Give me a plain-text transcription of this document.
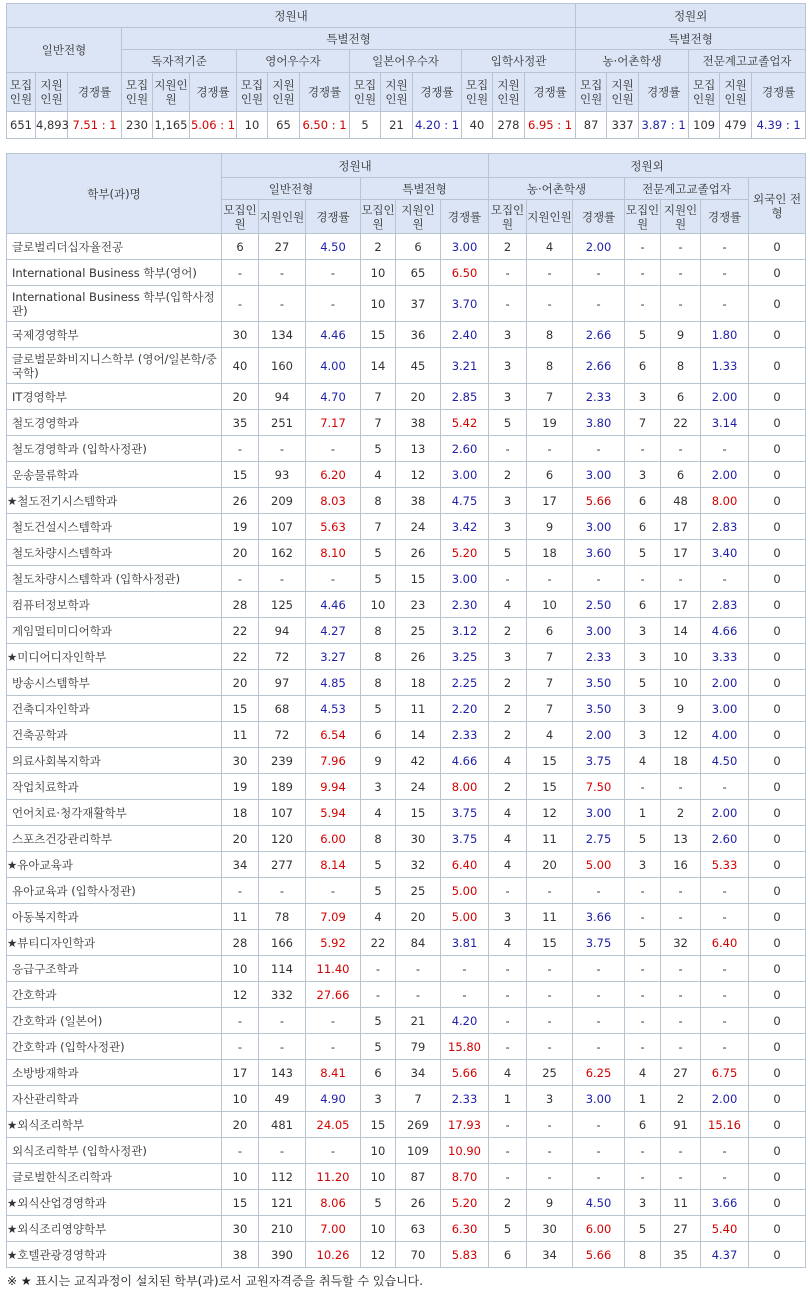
정원내															정원외					
일반전형			특별전형												특별전형					
			독자적기준			영어우수자			일본어우수자			입학사정관			농·어촌학생			전문계고교졸업자		
모집인원	지원인원	경쟁률	모집인원	지원인원	경쟁률	모집인원	지원인원	경쟁률	모집인원	지원인원	경쟁률	모집인원	지원인원	경쟁률	모집인원	지원인원	경쟁률	모집인원	지원인원	경쟁률
651	4,893	7.51 : 1	230	1,165	5.06 : 1	10	65	6.50 : 1	5	21	4.20 : 1	40	278	6.95 : 1	87	337	3.87 : 1	109	479	4.39 : 1
학부(과)명	정원내						정원외						
	일반전형			특별전형			농·어촌학생			전문계고교졸업자			외국인 전 형
	모집인원	지원인원	경쟁률	모집인원	지원인원	경쟁률	모집인원	지원인원	경쟁률	모집인원	지원인원	경쟁률	
글로벌리더십자율전공	6	27	4.50	2	6	3.00	2	4	2.00	-	-	-	0
International Business 학부(영어)	-	-	-	10	65	6.50	-	-	-	-	-	-	0
International Business 학부(입학사정관)	-	-	-	10	37	3.70	-	-	-	-	-	-	0
국제경영학부	30	134	4.46	15	36	2.40	3	8	2.66	5	9	1.80	0
글로벌문화비지니스학부 (영어/일본학/중국학)	40	160	4.00	14	45	3.21	3	8	2.66	6	8	1.33	0
IT경영학부	20	94	4.70	7	20	2.85	3	7	2.33	3	6	2.00	0
철도경영학과	35	251	7.17	7	38	5.42	5	19	3.80	7	22	3.14	0
철도경영학과 (입학사정관)	-	-	-	5	13	2.60	-	-	-	-	-	-	0
운송물류학과	15	93	6.20	4	12	3.00	2	6	3.00	3	6	2.00	0
★철도전기시스템학과	26	209	8.03	8	38	4.75	3	17	5.66	6	48	8.00	0
철도건설시스템학과	19	107	5.63	7	24	3.42	3	9	3.00	6	17	2.83	0
철도차량시스템학과	20	162	8.10	5	26	5.20	5	18	3.60	5	17	3.40	0
철도차량시스템학과 (입학사정관)	-	-	-	5	15	3.00	-	-	-	-	-	-	0
컴퓨터정보학과	28	125	4.46	10	23	2.30	4	10	2.50	6	17	2.83	0
게임멀티미디어학과	22	94	4.27	8	25	3.12	2	6	3.00	3	14	4.66	0
★미디어디자인학부	22	72	3.27	8	26	3.25	3	7	2.33	3	10	3.33	0
방송시스템학부	20	97	4.85	8	18	2.25	2	7	3.50	5	10	2.00	0
건축디자인학과	15	68	4.53	5	11	2.20	2	7	3.50	3	9	3.00	0
건축공학과	11	72	6.54	6	14	2.33	2	4	2.00	3	12	4.00	0
의료사회복지학과	30	239	7.96	9	42	4.66	4	15	3.75	4	18	4.50	0
작업치료학과	19	189	9.94	3	24	8.00	2	15	7.50	-	-	-	0
언어치료·청각재활학부	18	107	5.94	4	15	3.75	4	12	3.00	1	2	2.00	0
스포츠건강관리학부	20	120	6.00	8	30	3.75	4	11	2.75	5	13	2.60	0
★유아교육과	34	277	8.14	5	32	6.40	4	20	5.00	3	16	5.33	0
유아교육과 (입학사정관)	-	-	-	5	25	5.00	-	-	-	-	-	-	0
아동복지학과	11	78	7.09	4	20	5.00	3	11	3.66	-	-	-	0
★뷰티디자인학과	28	166	5.92	22	84	3.81	4	15	3.75	5	32	6.40	0
응급구조학과	10	114	11.40	-	-	-	-	-	-	-	-	-	0
간호학과	12	332	27.66	-	-	-	-	-	-	-	-	-	0
간호학과 (일본어)	-	-	-	5	21	4.20	-	-	-	-	-	-	0
간호학과 (입학사정관)	-	-	-	5	79	15.80	-	-	-	-	-	-	0
소방방재학과	17	143	8.41	6	34	5.66	4	25	6.25	4	27	6.75	0
자산관리학과	10	49	4.90	3	7	2.33	1	3	3.00	1	2	2.00	0
★외식조리학부	20	481	24.05	15	269	17.93	-	-	-	6	91	15.16	0
외식조리학부 (입학사정관)	-	-	-	10	109	10.90	-	-	-	-	-	-	0
글로벌한식조리학과	10	112	11.20	10	87	8.70	-	-	-	-	-	-	0
★외식산업경영학과	15	121	8.06	5	26	5.20	2	9	4.50	3	11	3.66	0
★외식조리영양학부	30	210	7.00	10	63	6.30	5	30	6.00	5	27	5.40	0
★호텔관광경영학과	38	390	10.26	12	70	5.83	6	34	5.66	8	35	4.37	0
※ ★ 표시는 교직과정이 설치된 학부(과)로서 교원자격증을 취득할 수 있습니다.
